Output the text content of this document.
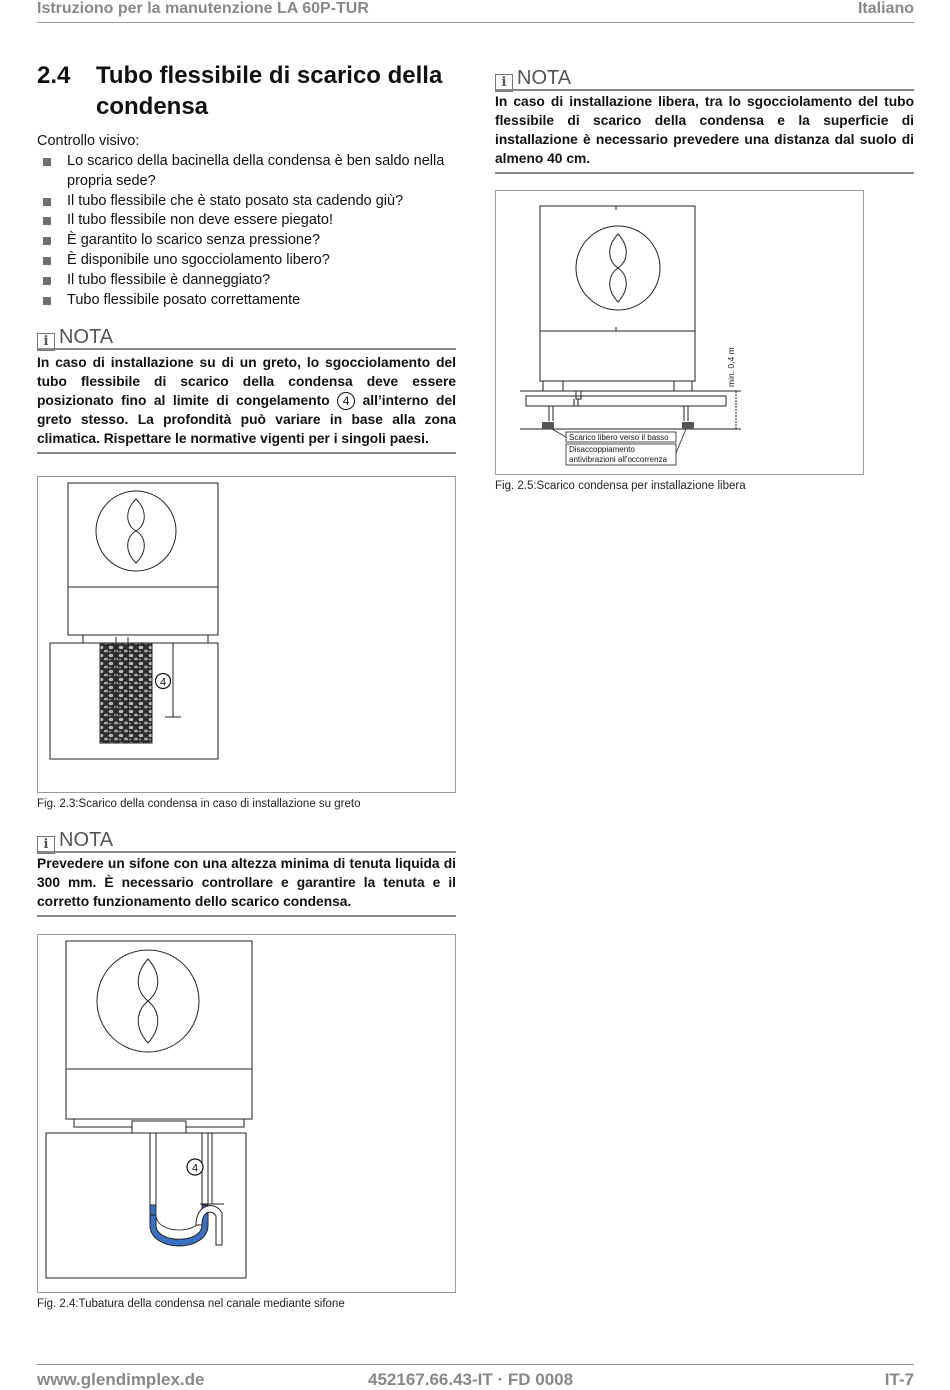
Istruziono per la manutenzione LA 60P-TUR	Italiano
2.4 Tubo flessibile di scarico della condensa
Controllo visivo:
Lo scarico della bacinella della condensa è ben saldo nella propria sede?
Il tubo flessibile che è stato posato sta cadendo giù?
Il tubo flessibile non deve essere piegato!
È garantito lo scarico senza pressione?
È disponibile uno sgocciolamento libero?
Il tubo flessibile è danneggiato?
Tubo flessibile posato correttamente
i NOTA
In caso di installazione su di un greto, lo sgocciolamento del tubo flessibile di scarico della condensa deve essere posizionato fino al limite di congelamento 4 all’interno del greto stesso. La profondità può variare in base alla zona climatica. Rispettare le normative vigenti per i singoli paesi.
i NOTA
In caso di installazione libera, tra lo sgocciolamento del tubo flessibile di scarico della condensa e la superficie di installazione è necessario prevedere una distanza dal suolo di almeno 40 cm.
Scarico libero verso il basso
Disaccoppiamento
antivibrazioni all'occorrenza
min. 0,4 m
Fig. 2.5:Scarico condensa per installazione libera
4
Fig. 2.3:Scarico della condensa in caso di installazione su greto
i NOTA
Prevedere un sifone con una altezza minima di tenuta liquida di 300 mm. È necessario controllare e garantire la tenuta e il corretto funzionamento dello scarico condensa.
4
Fig. 2.4:Tubatura della condensa nel canale mediante sifone
www.glendimplex.de	452167.66.43-IT · FD 0008	IT-7
